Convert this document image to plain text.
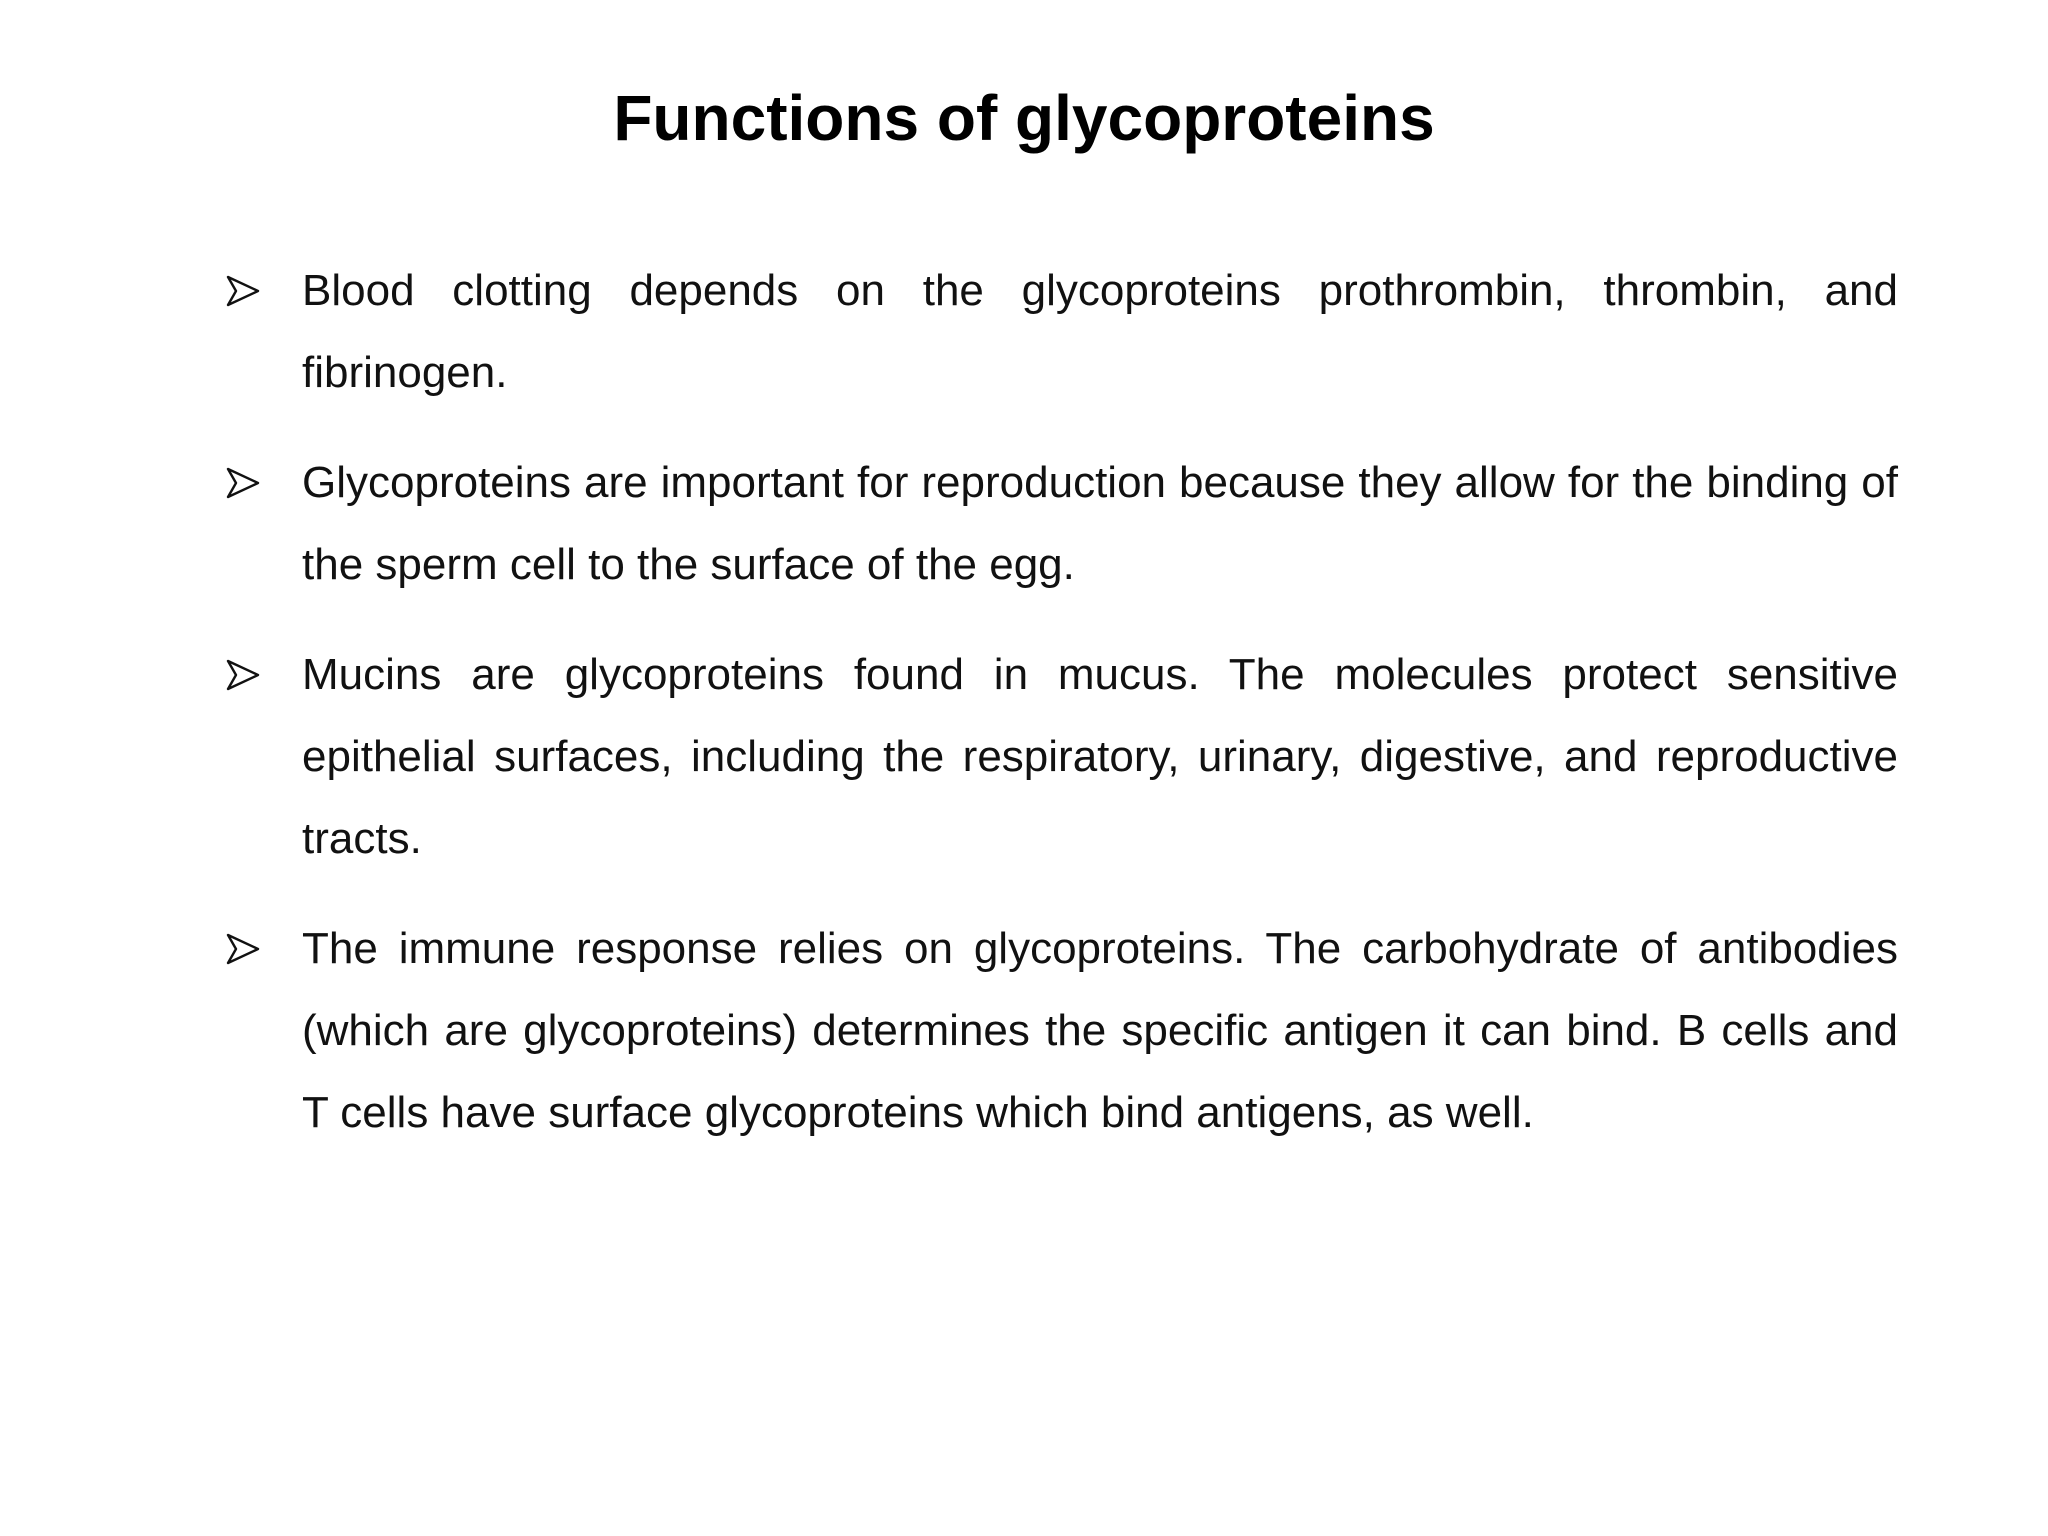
Functions of glycoproteins
Blood clotting depends on the glycoproteins prothrombin, thrombin, and fibrinogen.
Glycoproteins are important for reproduction because they allow for the binding of the sperm cell to the surface of the egg.
Mucins are glycoproteins found in mucus. The molecules protect sensitive epithelial surfaces, including the respiratory, urinary, digestive, and reproductive tracts.
The immune response relies on glycoproteins. The carbohydrate of antibodies (which are glycoproteins) determines the specific antigen it can bind. B cells and T cells have surface glycoproteins which bind antigens, as well.
